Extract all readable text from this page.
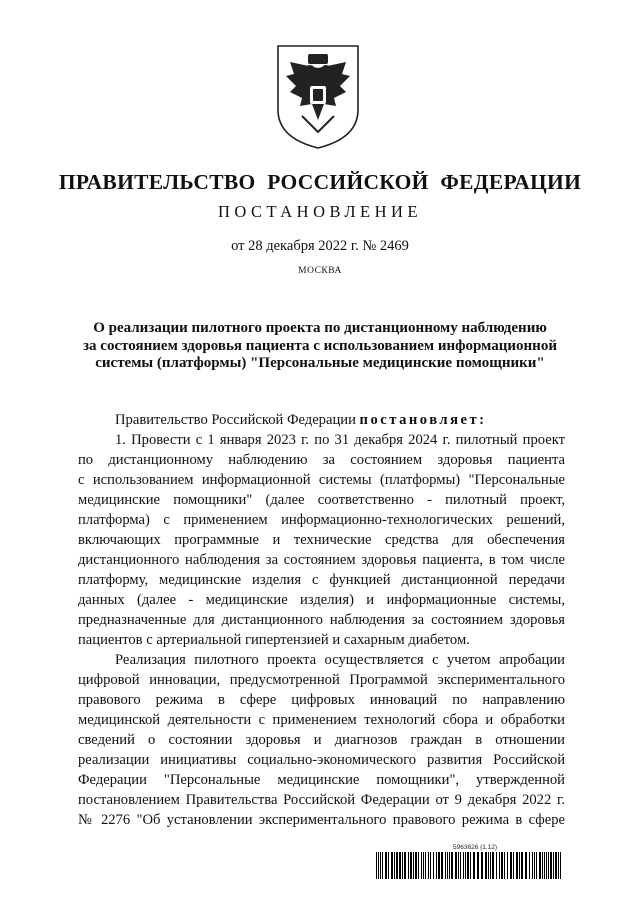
ПРАВИТЕЛЬСТВО РОССИЙСКОЙ ФЕДЕРАЦИИ
ПОСТАНОВЛЕНИЕ
от 28 декабря 2022 г. № 2469
МОСКВА
О реализации пилотного проекта по дистанционному наблюдению
за состоянием здоровья пациента с использованием информационной
системы (платформы) "Персональные медицинские помощники"
Правительство Российской Федерации постановляет:
1. Провести с 1 января 2023 г. по 31 декабря 2024 г. пилотный проект
по дистанционному наблюдению за состоянием здоровья пациента
с использованием информационной системы (платформы) "Персональные
медицинские помощники" (далее соответственно - пилотный проект,
платформа) с применением информационно-технологических решений,
включающих программные и технические средства для обеспечения
дистанционного наблюдения за состоянием здоровья пациента, в том числе
платформу, медицинские изделия с функцией дистанционной передачи
данных (далее - медицинские изделия) и информационные системы,
предназначенные для дистанционного наблюдения за состоянием здоровья
пациентов с артериальной гипертензией и сахарным диабетом.
Реализация пилотного проекта осуществляется с учетом апробации
цифровой инновации, предусмотренной Программой экспериментального
правового режима в сфере цифровых инноваций по направлению
медицинской деятельности с применением технологий сбора и обработки
сведений о состоянии здоровья и диагнозов граждан в отношении
реализации инициативы социально-экономического развития Российской
Федерации "Персональные медицинские помощники", утвержденной
постановлением Правительства Российской Федерации от 9 декабря 2022 г.
№ 2276 "Об установлении экспериментального правового режима в сфере
5963626 (1.12)
